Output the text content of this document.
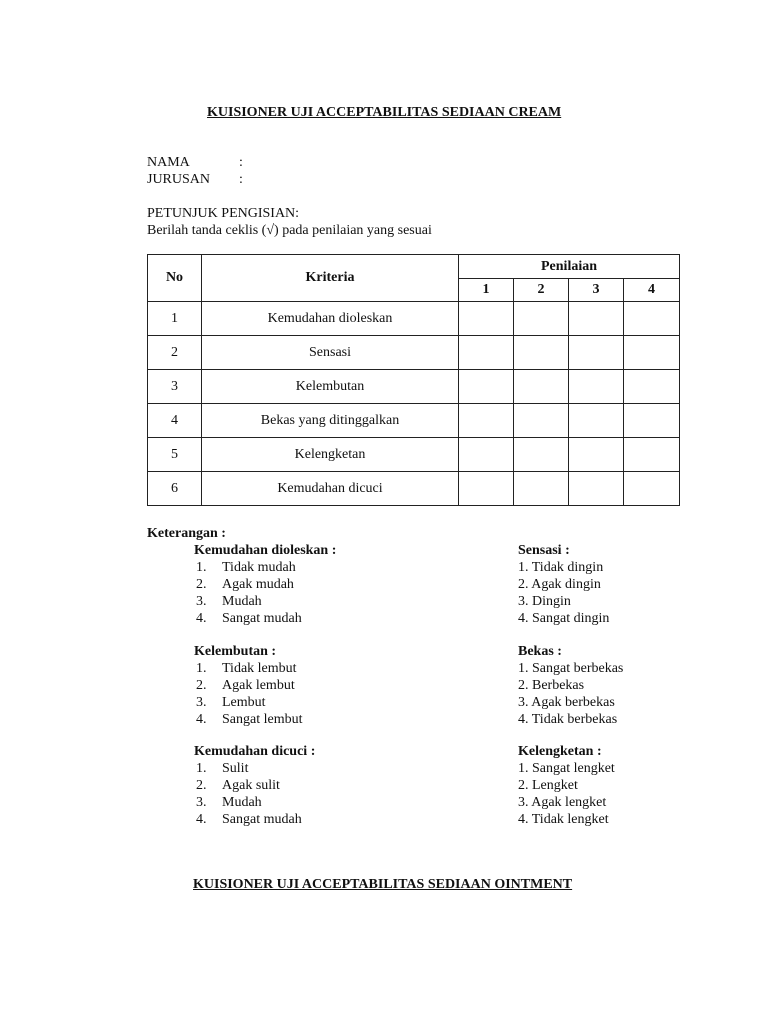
KUISIONER UJI ACCEPTABILITAS SEDIAAN CREAM
NAMA	:
JURUSAN :
PETUNJUK PENGISIAN:
Berilah tanda ceklis (√) pada penilaian yang sesuai
No	Kriteria	Penilaian			
		1	2	3	4
1	Kemudahan dioleskan				
2	Sensasi				
3	Kelembutan				
4	Bekas yang ditinggalkan				
5	Kelengketan				
6	Kemudahan dicuci				
Keterangan :
Kemudahan dioleskan :
1. Tidak mudah
2. Agak mudah
3. Mudah
4. Sangat mudah
Sensasi :
1. Tidak dingin
2. Agak dingin
3. Dingin
4. Sangat dingin
Kelembutan :
1. Tidak lembut
2. Agak lembut
3. Lembut
4. Sangat lembut
Bekas :
1. Sangat berbekas
2. Berbekas
3. Agak berbekas
4. Tidak berbekas
Kemudahan dicuci :
1. Sulit
2. Agak sulit
3. Mudah
4. Sangat mudah
Kelengketan :
1. Sangat lengket
2. Lengket
3. Agak lengket
4. Tidak lengket
KUISIONER UJI ACCEPTABILITAS SEDIAAN OINTMENT
